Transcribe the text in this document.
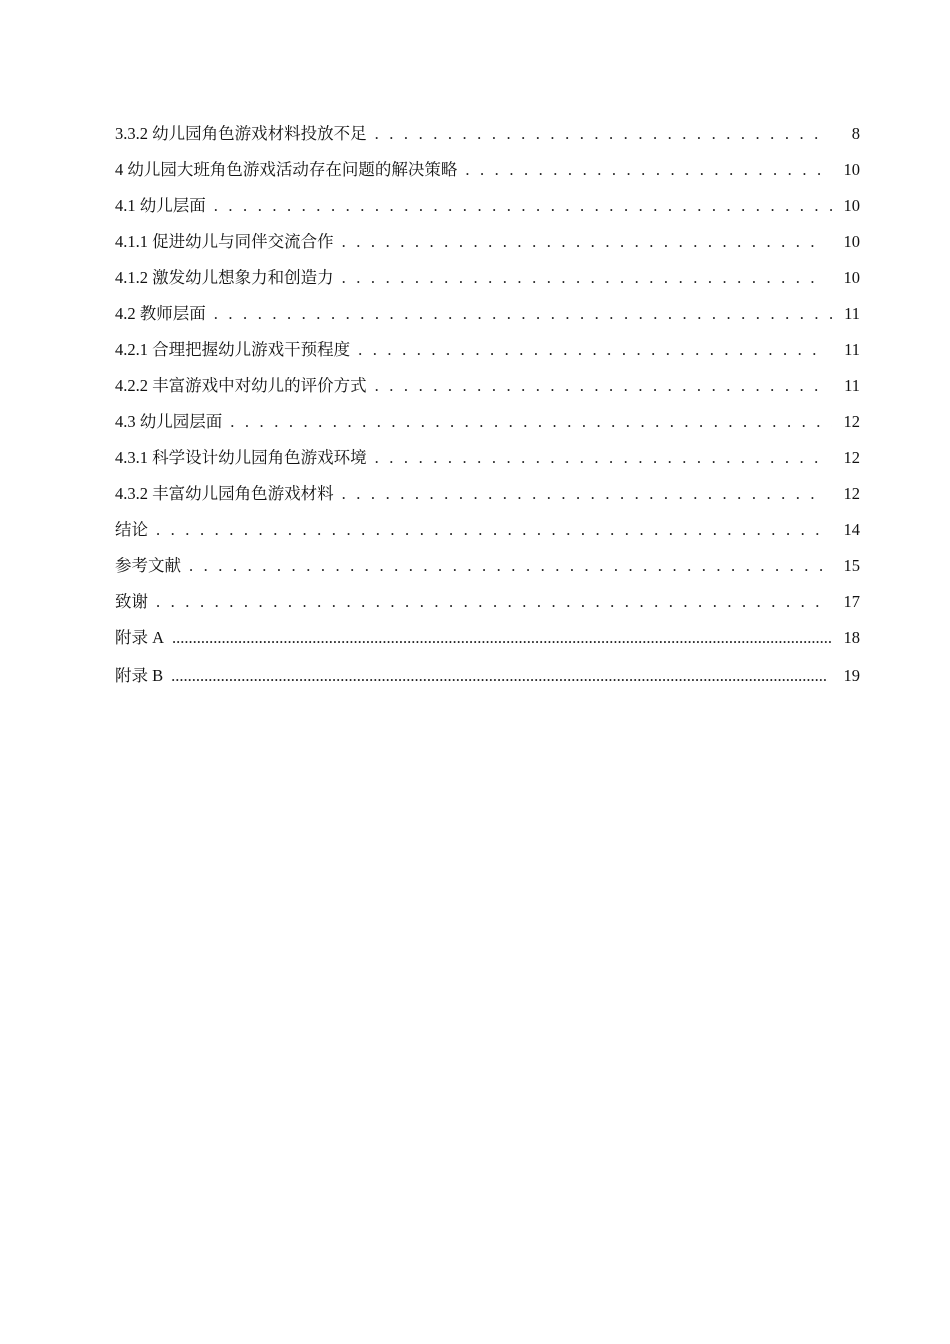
3.3.2 幼儿园角色游戏材料投放不足 . . .	8
4 幼儿园大班角色游戏活动存在问题的解决策略 . . .	10
4.1 幼儿层面 . . .	10
4.1.1 促进幼儿与同伴交流合作 . . .	10
4.1.2 激发幼儿想象力和创造力 . . .	10
4.2 教师层面 . . .	11
4.2.1 合理把握幼儿游戏干预程度 . . .	11
4.2.2 丰富游戏中对幼儿的评价方式 . . .	11
4.3 幼儿园层面 . . .	12
4.3.1 科学设计幼儿园角色游戏环境 . . .	12
4.3.2 丰富幼儿园角色游戏材料 . . .	12
结论 . . .	14
参考文献 . . .	15
致谢 . . .	17
附录 A .....	18
附录 B .....	19
